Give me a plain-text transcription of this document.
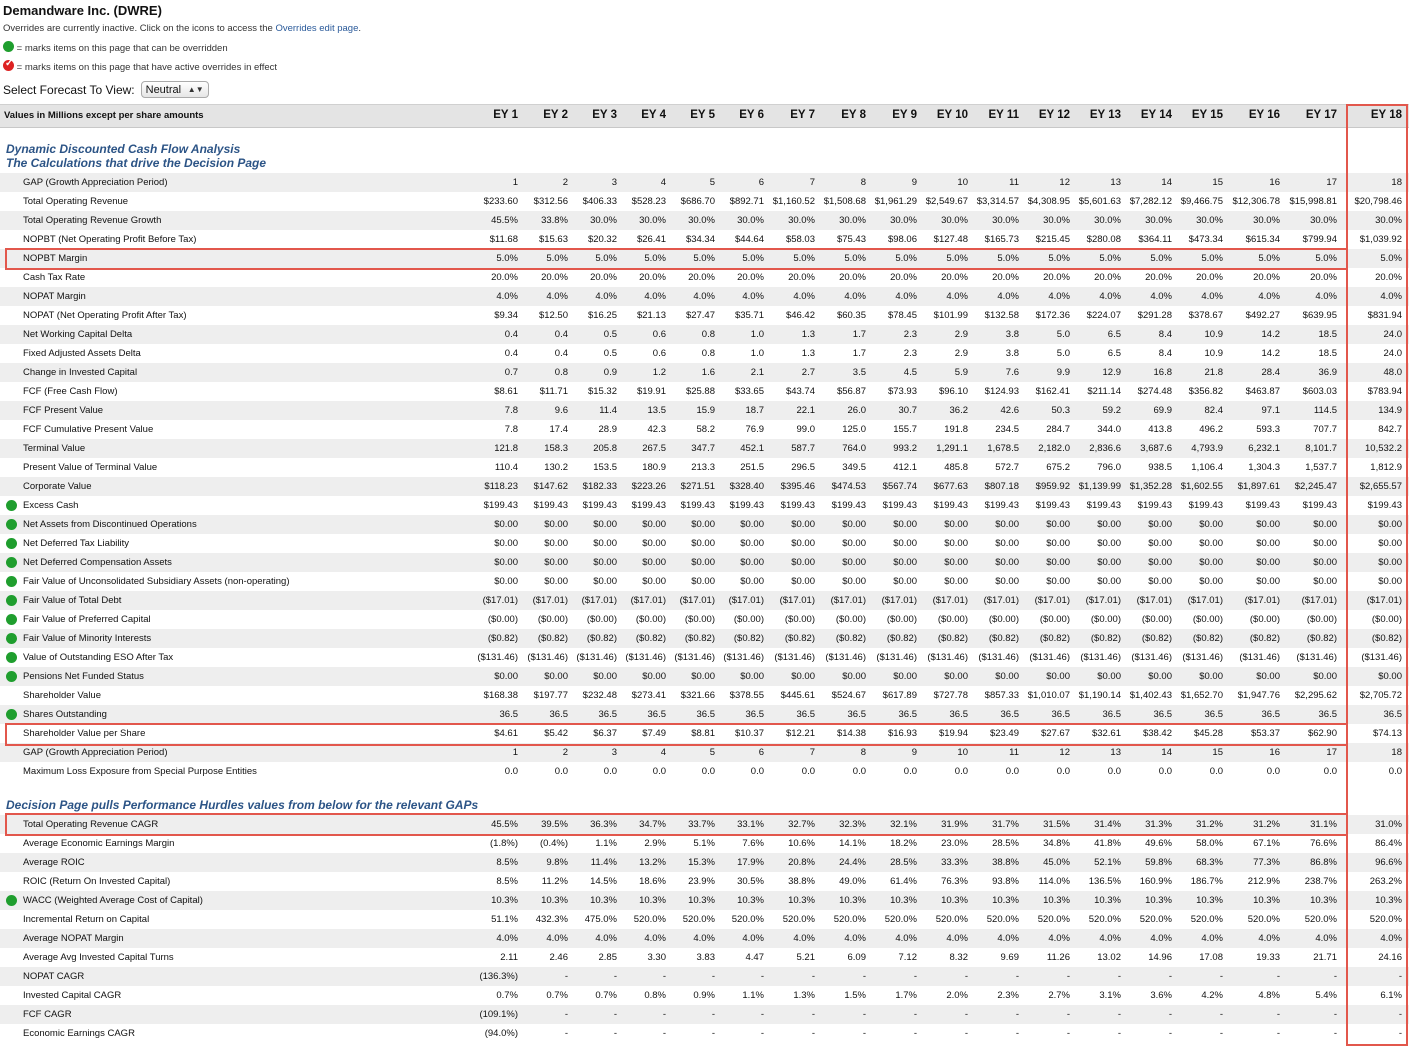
Demandware Inc. (DWRE)
Overrides are currently inactive. Click on the icons to access the Overrides edit page.
= marks items on this page that can be overridden
✓ = marks items on this page that have active overrides in effect
Select Forecast To View: Neutral ▲▼
Values in Millions except per share amounts	EY 1	EY 2	EY 3	EY 4	EY 5	EY 6	EY 7	EY 8	EY 9	EY 10	EY 11	EY 12	EY 13	EY 14	EY 15	EY 16	EY 17	EY 18
Dynamic Discounted Cash Flow Analysis
The Calculations that drive the Decision Page
Decision Page pulls Performance Hurdles values from below for the relevant GAPs
GAP (Growth Appreciation Period)	1	2	3	4	5	6	7	8	9	10	11	12	13	14	15	16	17	18
Total Operating Revenue	$233.60	$312.56	$406.33	$528.23	$686.70	$892.71 $1,160.52 $1,508.68 $1,961.29 $2,549.67 $3,314.57 $4,308.95 $5,601.63 $7,282.12 $9,466.75 $12,306.78 $15,998.81	$20,798.46
Total Operating Revenue Growth	45.5%	33.8%	30.0%	30.0%	30.0%	30.0%	30.0%	30.0%	30.0%	30.0%	30.0%	30.0%	30.0%	30.0%	30.0%	30.0%	30.0%	30.0%
NOPBT (Net Operating Profit Before Tax)	$11.68	$15.63	$20.32	$26.41	$34.34	$44.64	$58.03	$75.43	$98.06	$127.48	$165.73	$215.45	$280.08	$364.11	$473.34	$615.34	$799.94	$1,039.92
NOPBT Margin	5.0%	5.0%	5.0%	5.0%	5.0%	5.0%	5.0%	5.0%	5.0%	5.0%	5.0%	5.0%	5.0%	5.0%	5.0%	5.0%	5.0%	5.0%
Cash Tax Rate	20.0%	20.0%	20.0%	20.0%	20.0%	20.0%	20.0%	20.0%	20.0%	20.0%	20.0%	20.0%	20.0%	20.0%	20.0%	20.0%	20.0%	20.0%
NOPAT Margin	4.0%	4.0%	4.0%	4.0%	4.0%	4.0%	4.0%	4.0%	4.0%	4.0%	4.0%	4.0%	4.0%	4.0%	4.0%	4.0%	4.0%	4.0%
NOPAT (Net Operating Profit After Tax)	$9.34	$12.50	$16.25	$21.13	$27.47	$35.71	$46.42	$60.35	$78.45	$101.99	$132.58	$172.36	$224.07	$291.28	$378.67	$492.27	$639.95	$831.94
Net Working Capital Delta	0.4	0.4	0.5	0.6	0.8	1.0	1.3	1.7	2.3	2.9	3.8	5.0	6.5	8.4	10.9	14.2	18.5	24.0
Fixed Adjusted Assets Delta	0.4	0.4	0.5	0.6	0.8	1.0	1.3	1.7	2.3	2.9	3.8	5.0	6.5	8.4	10.9	14.2	18.5	24.0
Change in Invested Capital	0.7	0.8	0.9	1.2	1.6	2.1	2.7	3.5	4.5	5.9	7.6	9.9	12.9	16.8	21.8	28.4	36.9	48.0
FCF (Free Cash Flow)	$8.61	$11.71	$15.32	$19.91	$25.88	$33.65	$43.74	$56.87	$73.93	$96.10	$124.93	$162.41	$211.14	$274.48	$356.82	$463.87	$603.03	$783.94
FCF Present Value	7.8	9.6	11.4	13.5	15.9	18.7	22.1	26.0	30.7	36.2	42.6	50.3	59.2	69.9	82.4	97.1	114.5	134.9
FCF Cumulative Present Value	7.8	17.4	28.9	42.3	58.2	76.9	99.0	125.0	155.7	191.8	234.5	284.7	344.0	413.8	496.2	593.3	707.7	842.7
Terminal Value	121.8	158.3	205.8	267.5	347.7	452.1	587.7	764.0	993.2	1,291.1	1,678.5	2,182.0	2,836.6	3,687.6	4,793.9	6,232.1	8,101.7	10,532.2
Present Value of Terminal Value	110.4	130.2	153.5	180.9	213.3	251.5	296.5	349.5	412.1	485.8	572.7	675.2	796.0	938.5	1,106.4	1,304.3	1,537.7	1,812.9
Corporate Value	$118.23	$147.62	$182.33	$223.26	$271.51	$328.40	$395.46	$474.53	$567.74	$677.63	$807.18	$959.92 $1,139.99 $1,352.28 $1,602.55	$1,897.61	$2,245.47	$2,655.57
Excess Cash	$199.43	$199.43	$199.43	$199.43	$199.43	$199.43	$199.43	$199.43	$199.43	$199.43	$199.43	$199.43	$199.43	$199.43	$199.43	$199.43	$199.43	$199.43
Net Assets from Discontinued Operations	$0.00	$0.00	$0.00	$0.00	$0.00	$0.00	$0.00	$0.00	$0.00	$0.00	$0.00	$0.00	$0.00	$0.00	$0.00	$0.00	$0.00	$0.00
Net Deferred Tax Liability	$0.00	$0.00	$0.00	$0.00	$0.00	$0.00	$0.00	$0.00	$0.00	$0.00	$0.00	$0.00	$0.00	$0.00	$0.00	$0.00	$0.00	$0.00
Net Deferred Compensation Assets	$0.00	$0.00	$0.00	$0.00	$0.00	$0.00	$0.00	$0.00	$0.00	$0.00	$0.00	$0.00	$0.00	$0.00	$0.00	$0.00	$0.00	$0.00
Fair Value of Unconsolidated Subsidiary Assets (non-operating)	$0.00	$0.00	$0.00	$0.00	$0.00	$0.00	$0.00	$0.00	$0.00	$0.00	$0.00	$0.00	$0.00	$0.00	$0.00	$0.00	$0.00	$0.00
Fair Value of Total Debt	($17.01)	($17.01)	($17.01)	($17.01)	($17.01)	($17.01)	($17.01)	($17.01)	($17.01)	($17.01)	($17.01)	($17.01)	($17.01)	($17.01)	($17.01)	($17.01)	($17.01)	($17.01)
Fair Value of Preferred Capital	($0.00)	($0.00)	($0.00)	($0.00)	($0.00)	($0.00)	($0.00)	($0.00)	($0.00)	($0.00)	($0.00)	($0.00)	($0.00)	($0.00)	($0.00)	($0.00)	($0.00)	($0.00)
Fair Value of Minority Interests	($0.82)	($0.82)	($0.82)	($0.82)	($0.82)	($0.82)	($0.82)	($0.82)	($0.82)	($0.82)	($0.82)	($0.82)	($0.82)	($0.82)	($0.82)	($0.82)	($0.82)	($0.82)
Value of Outstanding ESO After Tax	($131.46) ($131.46) ($131.46) ($131.46) ($131.46) ($131.46)	($131.46)	($131.46)	($131.46)	($131.46)	($131.46)	($131.46)	($131.46)	($131.46)	($131.46)	($131.46)	($131.46)	($131.46)
Pensions Net Funded Status	$0.00	$0.00	$0.00	$0.00	$0.00	$0.00	$0.00	$0.00	$0.00	$0.00	$0.00	$0.00	$0.00	$0.00	$0.00	$0.00	$0.00	$0.00
Shareholder Value	$168.38	$197.77	$232.48	$273.41	$321.66	$378.55	$445.61	$524.67	$617.89	$727.78	$857.33 $1,010.07 $1,190.14 $1,402.43 $1,652.70	$1,947.76	$2,295.62	$2,705.72
Shares Outstanding	36.5	36.5	36.5	36.5	36.5	36.5	36.5	36.5	36.5	36.5	36.5	36.5	36.5	36.5	36.5	36.5	36.5	36.5
Shareholder Value per Share	$4.61	$5.42	$6.37	$7.49	$8.81	$10.37	$12.21	$14.38	$16.93	$19.94	$23.49	$27.67	$32.61	$38.42	$45.28	$53.37	$62.90	$74.13
GAP (Growth Appreciation Period)	1	2	3	4	5	6	7	8	9	10	11	12	13	14	15	16	17	18
Maximum Loss Exposure from Special Purpose Entities	0.0	0.0	0.0	0.0	0.0	0.0	0.0	0.0	0.0	0.0	0.0	0.0	0.0	0.0	0.0	0.0	0.0	0.0
Total Operating Revenue CAGR	45.5%	39.5%	36.3%	34.7%	33.7%	33.1%	32.7%	32.3%	32.1%	31.9%	31.7%	31.5%	31.4%	31.3%	31.2%	31.2%	31.1%	31.0%
Average Economic Earnings Margin	(1.8%)	(0.4%)	1.1%	2.9%	5.1%	7.6%	10.6%	14.1%	18.2%	23.0%	28.5%	34.8%	41.8%	49.6%	58.0%	67.1%	76.6%	86.4%
Average ROIC	8.5%	9.8%	11.4%	13.2%	15.3%	17.9%	20.8%	24.4%	28.5%	33.3%	38.8%	45.0%	52.1%	59.8%	68.3%	77.3%	86.8%	96.6%
ROIC (Return On Invested Capital)	8.5%	11.2%	14.5%	18.6%	23.9%	30.5%	38.8%	49.0%	61.4%	76.3%	93.8%	114.0%	136.5%	160.9%	186.7%	212.9%	238.7%	263.2%
WACC (Weighted Average Cost of Capital)	10.3%	10.3%	10.3%	10.3%	10.3%	10.3%	10.3%	10.3%	10.3%	10.3%	10.3%	10.3%	10.3%	10.3%	10.3%	10.3%	10.3%	10.3%
Incremental Return on Capital	51.1%	432.3%	475.0%	520.0%	520.0%	520.0%	520.0%	520.0%	520.0%	520.0%	520.0%	520.0%	520.0%	520.0%	520.0%	520.0%	520.0%	520.0%
Average NOPAT Margin	4.0%	4.0%	4.0%	4.0%	4.0%	4.0%	4.0%	4.0%	4.0%	4.0%	4.0%	4.0%	4.0%	4.0%	4.0%	4.0%	4.0%	4.0%
Average Avg Invested Capital Turns	2.11	2.46	2.85	3.30	3.83	4.47	5.21	6.09	7.12	8.32	9.69	11.26	13.02	14.96	17.08	19.33	21.71	24.16
NOPAT CAGR	(136.3%)	-	-	-	-	-	-	-	-	-	-	-	-	-	-	-	-	-
Invested Capital CAGR	0.7%	0.7%	0.7%	0.8%	0.9%	1.1%	1.3%	1.5%	1.7%	2.0%	2.3%	2.7%	3.1%	3.6%	4.2%	4.8%	5.4%	6.1%
FCF CAGR	(109.1%)	-	-	-	-	-	-	-	-	-	-	-	-	-	-	-	-	-
Economic Earnings CAGR	(94.0%)	-	-	-	-	-	-	-	-	-	-	-	-	-	-	-	-	-
